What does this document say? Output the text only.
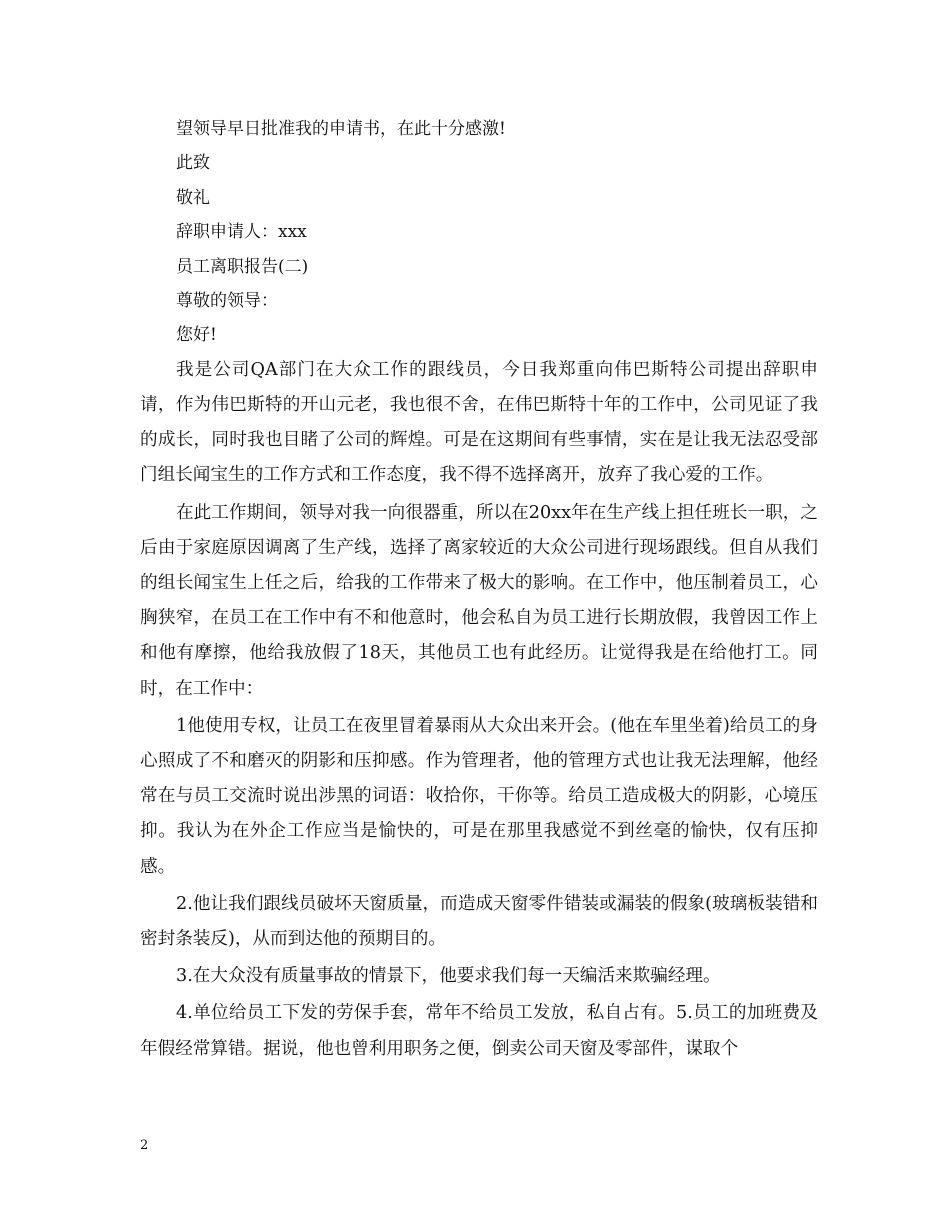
望领导早日批准我的申请书，在此十分感激!

此致

敬礼

辞职申请人：xxx

员工离职报告(二)

尊敬的领导：

您好!

我是公司QA部门在大众工作的跟线员，今日我郑重向伟巴斯特公司提出辞职申请，作为伟巴斯特的开山元老，我也很不舍，在伟巴斯特十年的工作中，公司见证了我的成长，同时我也目睹了公司的辉煌。可是在这期间有些事情，实在是让我无法忍受部门组长闻宝生的工作方式和工作态度，我不得不选择离开，放弃了我心爱的工作。

在此工作期间，领导对我一向很器重，所以在20xx年在生产线上担任班长一职，之后由于家庭原因调离了生产线，选择了离家较近的大众公司进行现场跟线。但自从我们的组长闻宝生上任之后，给我的工作带来了极大的影响。在工作中，他压制着员工，心胸狭窄，在员工在工作中有不和他意时，他会私自为员工进行长期放假，我曾因工作上和他有摩擦，他给我放假了18天，其他员工也有此经历。让觉得我是在给他打工。同时，在工作中：

1他使用专权，让员工在夜里冒着暴雨从大众出来开会。(他在车里坐着)给员工的身心照成了不和磨灭的阴影和压抑感。作为管理者，他的管理方式也让我无法理解，他经常在与员工交流时说出涉黑的词语：收拾你，干你等。给员工造成极大的阴影，心境压抑。我认为在外企工作应当是愉快的，可是在那里我感觉不到丝毫的愉快，仅有压抑感。

2.他让我们跟线员破坏天窗质量，而造成天窗零件错装或漏装的假象(玻璃板装错和密封条装反)，从而到达他的预期目的。

3.在大众没有质量事故的情景下，他要求我们每一天编活来欺骗经理。

4.单位给员工下发的劳保手套，常年不给员工发放，私自占有。5.员工的加班费及年假经常算错。据说，他也曾利用职务之便，倒卖公司天窗及零部件，谋取个

2
